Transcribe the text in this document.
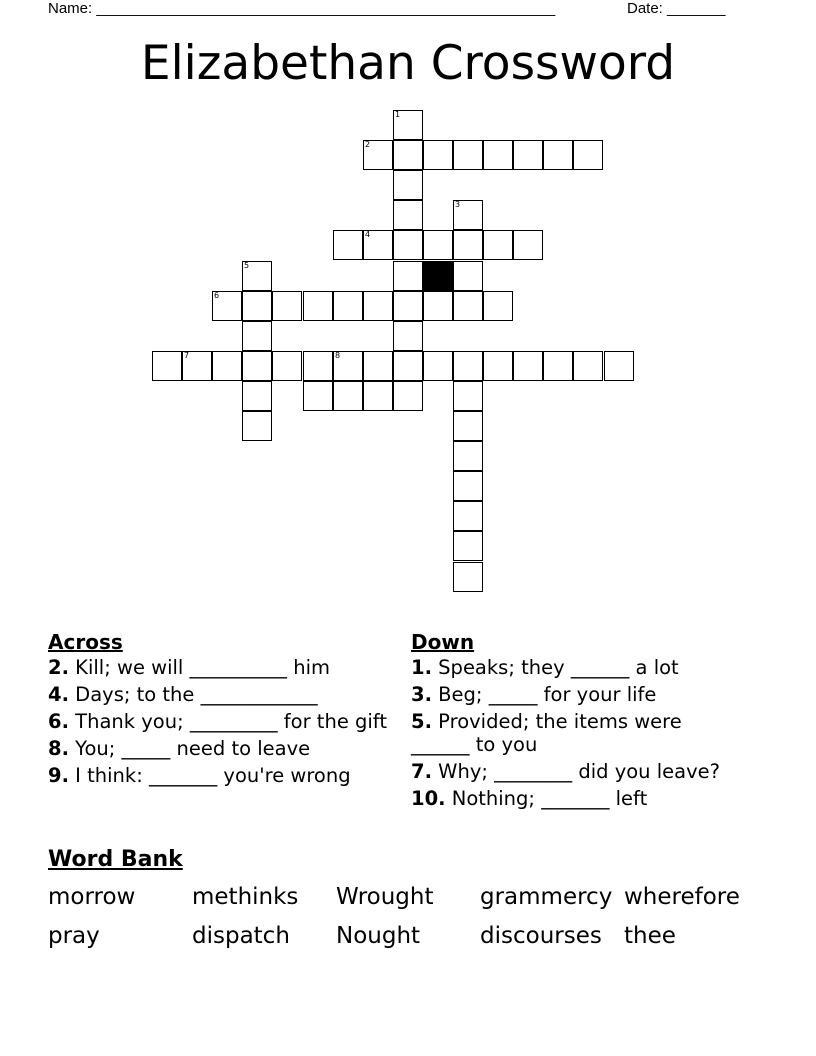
Name: _______________________________________________________	Date: _______
Elizabethan Crossword
1
2
3
4
5
6
7	8
Across
2. Kill; we will __________ him
4. Days; to the ____________
6. Thank you; _________ for the gift
8. You; _____ need to leave
9. I think: _______ you're wrong
Down
1. Speaks; they ______ a lot
3. Beg; _____ for your life
5. Provided; the items were ______ to you
7. Why; ________ did you leave?
10. Nothing; _______ left
Word Bank
morrow methinks Wrought grammercy wherefore
pray	dispatch Nought	discourses thee
